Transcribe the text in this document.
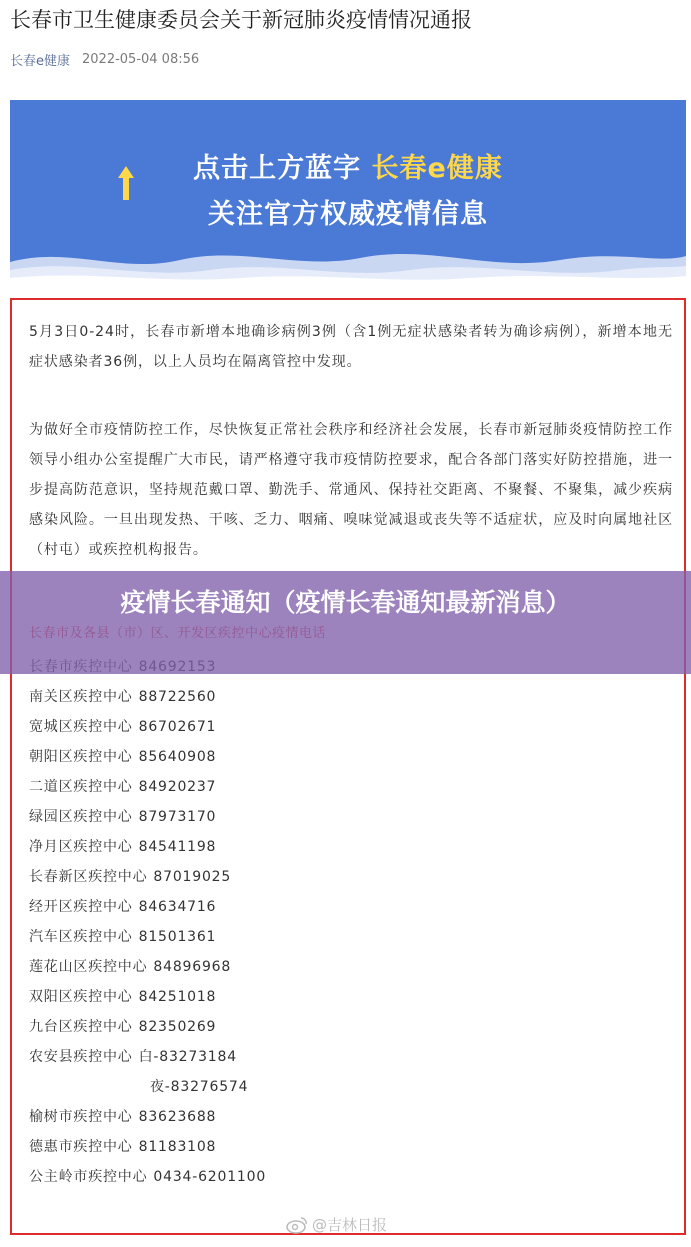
长春市卫生健康委员会关于新冠肺炎疫情情况通报
长春e健康 2022-05-04 08:56
点击上方蓝字 长春e健康
关注官方权威疫情信息

5月3日0-24时，长春市新增本地确诊病例3例（含1例无症状感染者转为确诊病例），新增本地无症状感染者36例，以上人员均在隔离管控中发现。

为做好全市疫情防控工作，尽快恢复正常社会秩序和经济社会发展，长春市新冠肺炎疫情防控工作领导小组办公室提醒广大市民，请严格遵守我市疫情防控要求，配合各部门落实好防控措施，进一步提高防范意识，坚持规范戴口罩、勤洗手、常通风、保持社交距离、不聚餐、不聚集，减少疾病感染风险。一旦出现发热、干咳、乏力、咽痛、嗅味觉减退或丧失等不适症状，应及时向属地社区（村屯）或疾控机构报告。

南关区疾控中心 88722560
宽城区疾控中心 86702671
朝阳区疾控中心 85640908
二道区疾控中心 84920237
绿园区疾控中心 87973170
净月区疾控中心 84541198
长春新区疾控中心 87019025
经开区疾控中心 84634716
汽车区疾控中心 81501361
莲花山区疾控中心 84896968
双阳区疾控中心 84251018
九台区疾控中心 82350269
农安县疾控中心 白-83273184
夜-83276574
榆树市疾控中心 83623688
德惠市疾控中心 81183108
公主岭市疾控中心 0434-6201100
疫情长春通知（疫情长春通知最新消息）
@吉林日报
